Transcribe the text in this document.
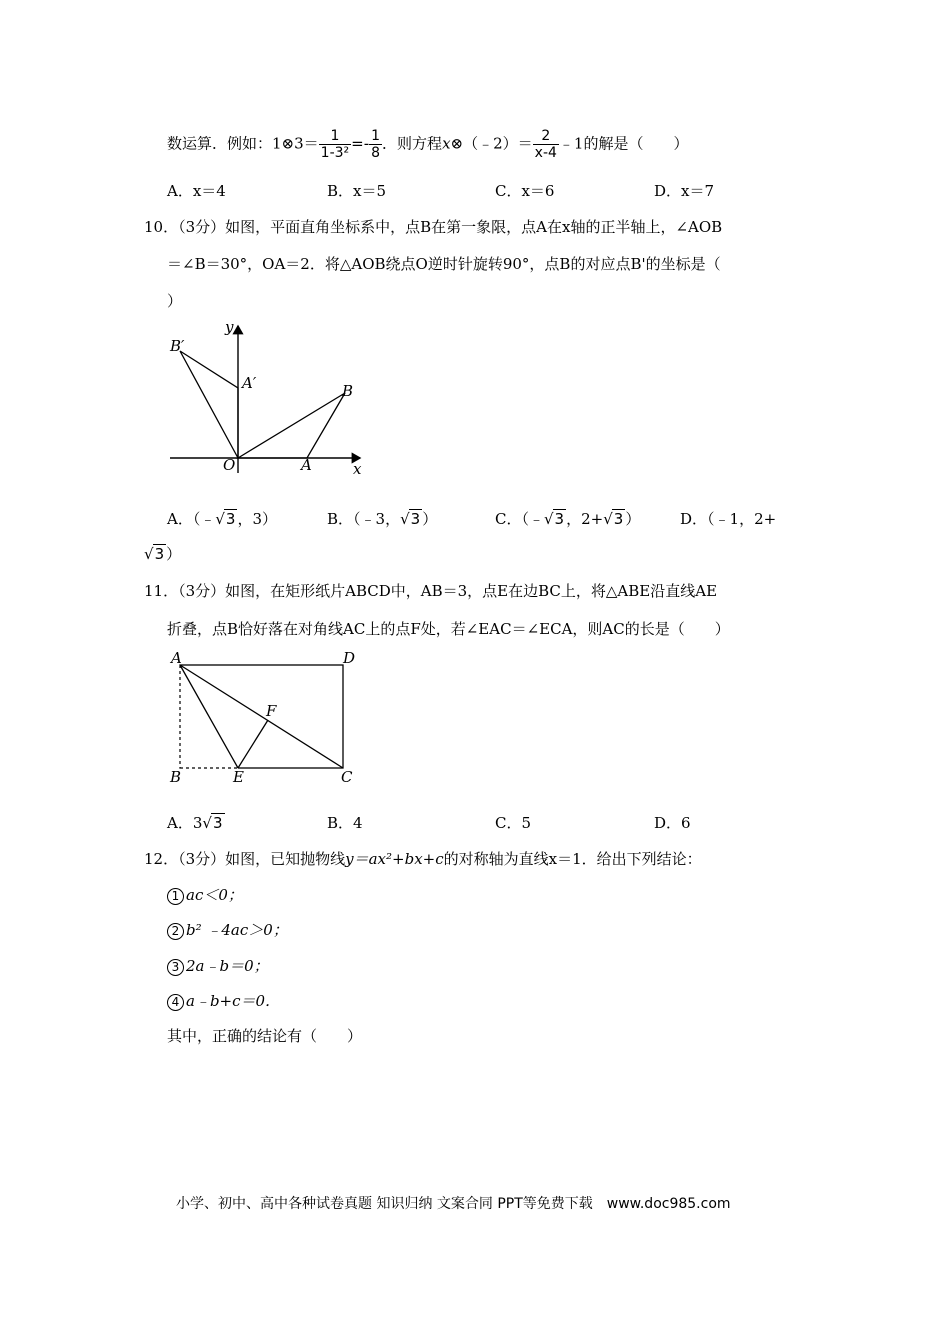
数运算．例如：1⊗3＝ $\frac{1}{\text{1-3²}} =- \frac{1}{8}$ ．则方程x⊗（﹣2）＝ $\frac{2}{x-4}$ ﹣1的解是（　　）
A．x＝4	B．x＝5	C．x＝6	D．x＝7
10．（3分）如图，平面直角坐标系中，点B在第一象限，点A在x轴的正半轴上，∠AOB
＝∠B＝30°，OA＝2．将△AOB绕点O逆时针旋转90°，点B的对应点B'的坐标是（
）
y
x
B′
A′	B
O	A
A．（﹣√3 ，3）	B．（﹣3，√3 ）	C．（﹣√3 ，2+√3 ）	D．（﹣1，2+
√3 ）
11．（3分）如图，在矩形纸片ABCD中，AB＝3，点E在边BC上，将△ABE沿直线AE
折叠，点B恰好落在对角线AC上的点F处，若∠EAC＝∠ECA，则AC的长是（　　）
A	D
F
B	E	C
A．3√3	B．4	C．5	D．6
12．（3分）如图，已知抛物线y＝ax²+bx+c的对称轴为直线x＝1．给出下列结论：
1 ac＜0；
2 b² ﹣4ac＞0；
3 2a﹣b＝0；
4 a﹣b+c＝0．
其中，正确的结论有（　　）
小学、初中、高中各种试卷真题 知识归纳 文案合同 PPT等免费下载　www.doc985.com
